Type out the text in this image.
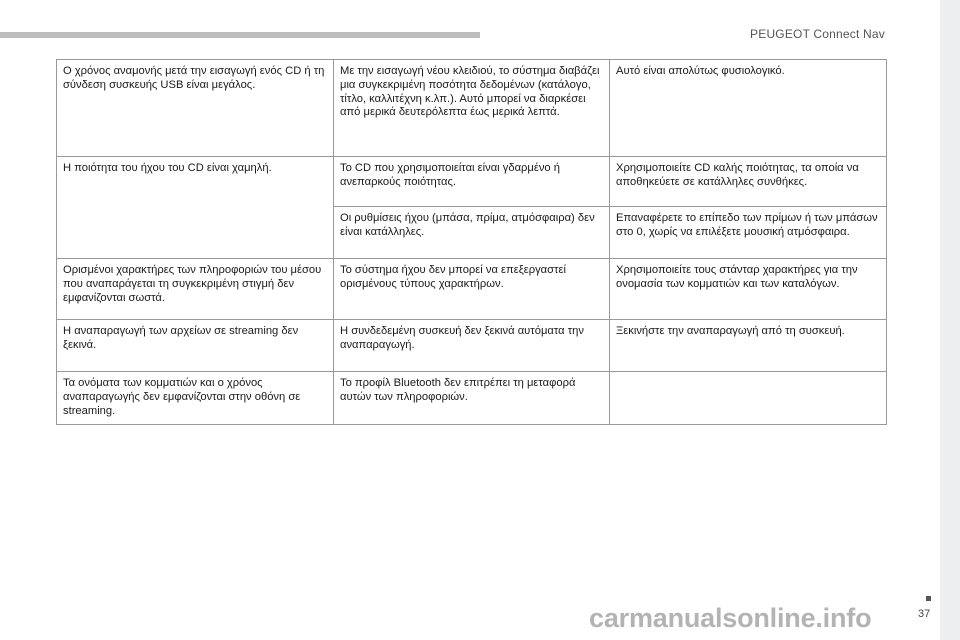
PEUGEOT Connect Nav
Ο χρόνος αναμονής μετά την εισαγωγή ενός CD ή τη σύνδεση συσκευής USB είναι μεγάλος.	Με την εισαγωγή νέου κλειδιού, το σύστημα διαβάζει μια συγκεκριμένη ποσότητα δεδομένων (κατάλογο, τίτλο, καλλιτέχνη κ.λπ.). Αυτό μπορεί να διαρκέσει από μερικά δευτερόλεπτα έως μερικά λεπτά.	Αυτό είναι απολύτως φυσιολογικό.
Η ποιότητα του ήχου του CD είναι χαμηλή.	Το CD που χρησιμοποιείται είναι γδαρμένο ή ανεπαρκούς ποιότητας.	Χρησιμοποιείτε CD καλής ποιότητας, τα οποία να αποθηκεύετε σε κατάλληλες συνθήκες.
	Οι ρυθμίσεις ήχου (μπάσα, πρίμα, ατμόσφαιρα) δεν είναι κατάλληλες.	Επαναφέρετε το επίπεδο των πρίμων ή των μπάσων στο 0, χωρίς να επιλέξετε μουσική ατμόσφαιρα.
Ορισμένοι χαρακτήρες των πληροφοριών του μέσου που αναπαράγεται τη συγκεκριμένη στιγμή δεν εμφανίζονται σωστά.	Το σύστημα ήχου δεν μπορεί να επεξεργαστεί ορισμένους τύπους χαρακτήρων.	Χρησιμοποιείτε τους στάνταρ χαρακτήρες για την ονομασία των κομματιών και των καταλόγων.
Η αναπαραγωγή των αρχείων σε streaming δεν ξεκινά.	Η συνδεδεμένη συσκευή δεν ξεκινά αυτόματα την αναπαραγωγή.	Ξεκινήστε την αναπαραγωγή από τη συσκευή.
Τα ονόματα των κομματιών και ο χρόνος αναπαραγωγής δεν εμφανίζονται στην οθόνη σε streaming.	Το προφίλ Bluetooth δεν επιτρέπει τη μεταφορά αυτών των πληροφοριών.	
37
carmanualsonline.info
